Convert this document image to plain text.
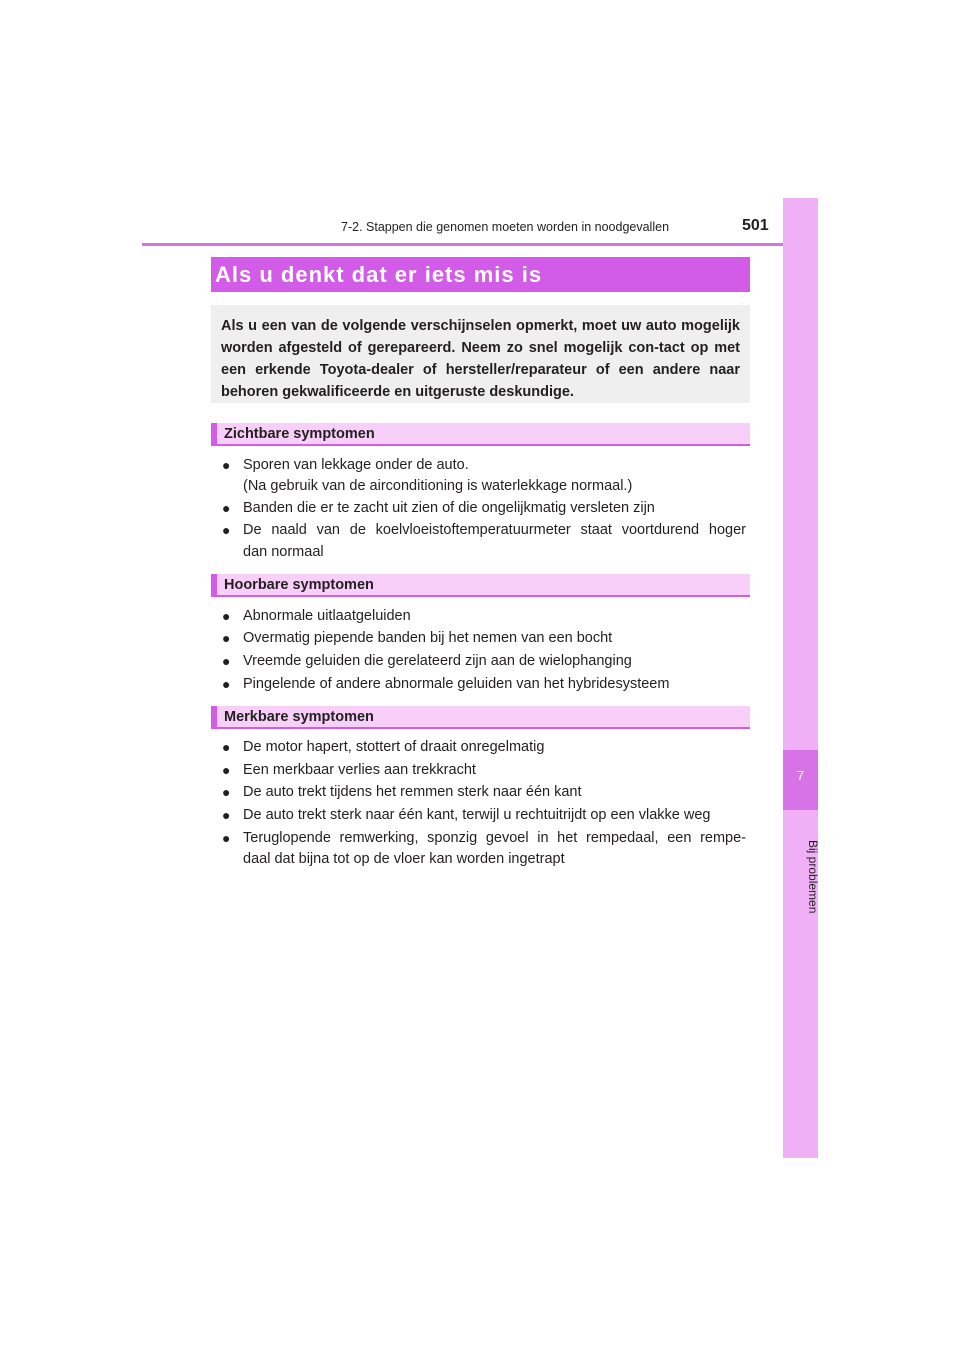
7-2. Stappen die genomen moeten worden in noodgevallen	501
7
Bij problemen
Als u denkt dat er iets mis is
Als u een van de volgende verschijnselen opmerkt, moet uw auto mogelijk worden afgesteld of gerepareerd. Neem zo snel mogelijk con-tact op met een erkende Toyota-dealer of hersteller/reparateur of een andere naar behoren gekwalificeerde en uitgeruste deskundige.
Zichtbare symptomen
● Sporen van lekkage onder de auto.
(Na gebruik van de airconditioning is waterlekkage normaal.)
● Banden die er te zacht uit zien of die ongelijkmatig versleten zijn
● De naald van de koelvloeistoftemperatuurmeter staat voortdurend hoger
dan normaal
Hoorbare symptomen
● Abnormale uitlaatgeluiden
● Overmatig piepende banden bij het nemen van een bocht
● Vreemde geluiden die gerelateerd zijn aan de wielophanging
● Pingelende of andere abnormale geluiden van het hybridesysteem
Merkbare symptomen
● De motor hapert, stottert of draait onregelmatig
● Een merkbaar verlies aan trekkracht
● De auto trekt tijdens het remmen sterk naar één kant
● De auto trekt sterk naar één kant, terwijl u rechtuitrijdt op een vlakke weg
● Teruglopende remwerking, sponzig gevoel in het rempedaal, een rempe-
daal dat bijna tot op de vloer kan worden ingetrapt
